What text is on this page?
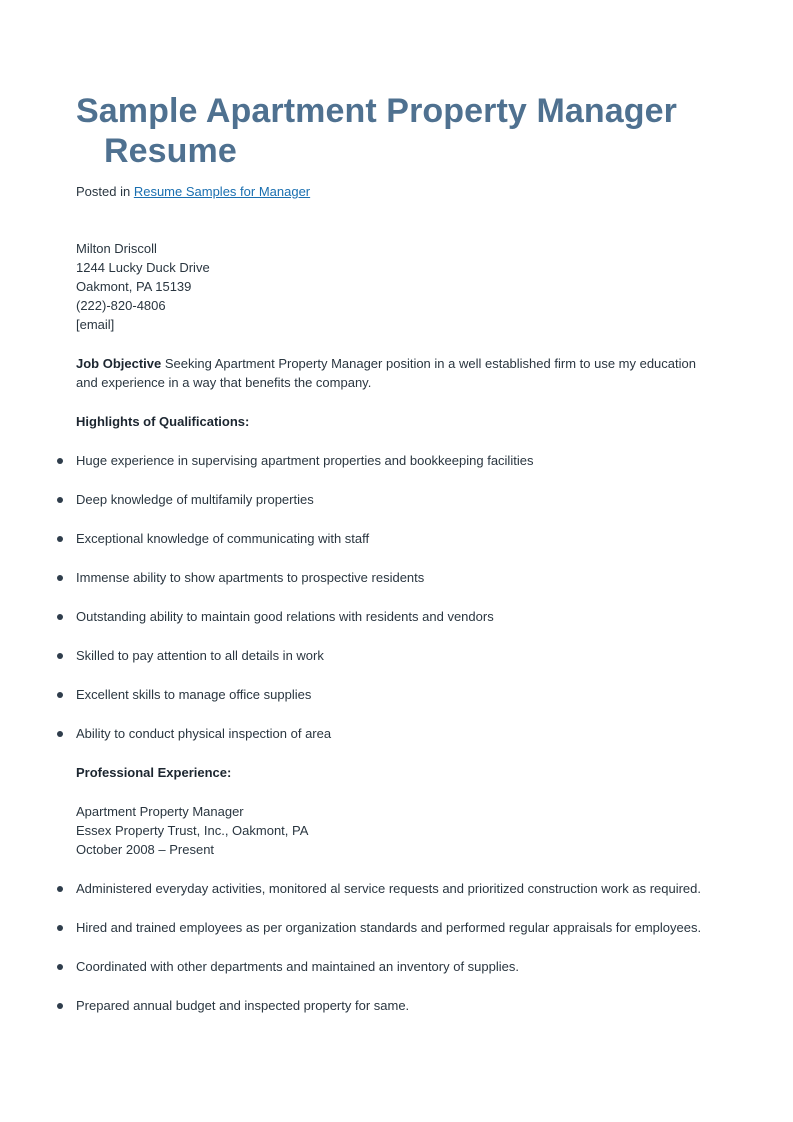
Sample Apartment Property Manager
Resume
Posted in Resume Samples for Manager
Milton Driscoll
1244 Lucky Duck Drive
Oakmont, PA 15139
(222)-820-4806
[email]
Job Objective Seeking Apartment Property Manager position in a well established firm to use my education and experience in a way that benefits the company.
Highlights of Qualifications:
Huge experience in supervising apartment properties and bookkeeping facilities
Deep knowledge of multifamily properties
Exceptional knowledge of communicating with staff
Immense ability to show apartments to prospective residents
Outstanding ability to maintain good relations with residents and vendors
Skilled to pay attention to all details in work
Excellent skills to manage office supplies
Ability to conduct physical inspection of area
Professional Experience:
Apartment Property Manager
Essex Property Trust, Inc., Oakmont, PA
October 2008 – Present
Administered everyday activities, monitored al service requests and prioritized construction work as required.
Hired and trained employees as per organization standards and performed regular appraisals for employees.
Coordinated with other departments and maintained an inventory of supplies.
Prepared annual budget and inspected property for same.
